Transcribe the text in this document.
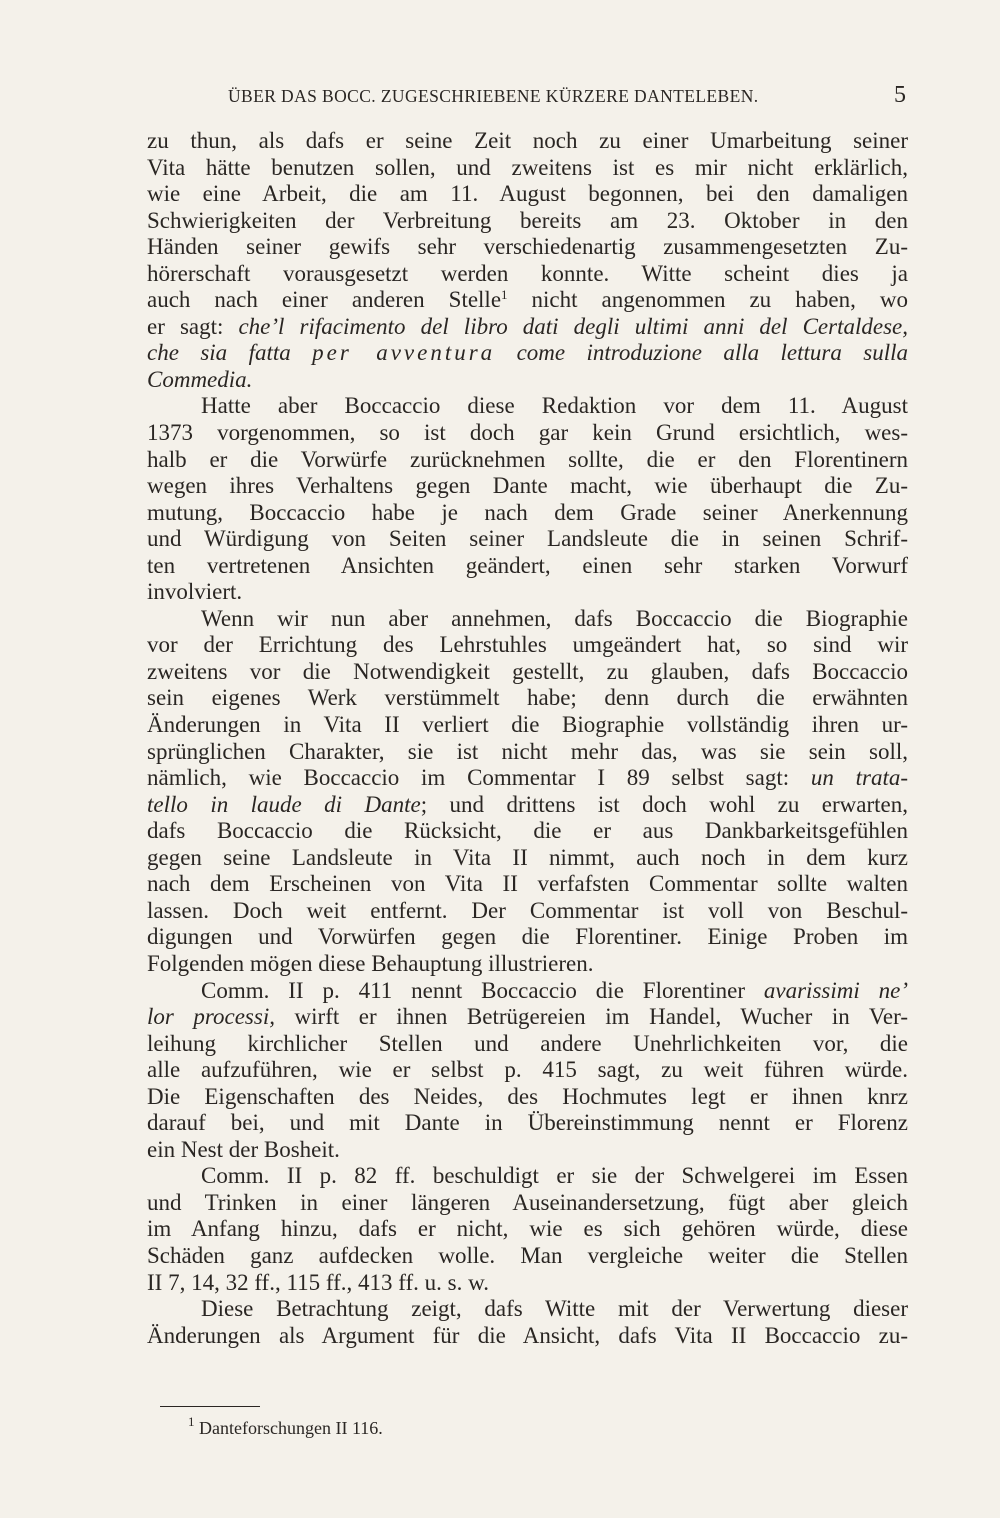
ÜBER DAS BOCC. ZUGESCHRIEBENE KÜRZERE DANTELEBEN.	5
zu thun, als dafs er seine Zeit noch zu einer Umarbeitung seiner
Vita hätte benutzen sollen, und zweitens ist es mir nicht erklärlich,
wie eine Arbeit, die am 11. August begonnen, bei den damaligen
Schwierigkeiten der Verbreitung bereits am 23. Oktober in den
Händen seiner gewifs sehr verschiedenartig zusammengesetzten Zu-
hörerschaft vorausgesetzt werden konnte. Witte scheint dies ja
auch nach einer anderen Stelle$^1$ nicht angenommen zu haben, wo
er sagt: che’l rifacimento del libro dati degli ultimi anni del Certaldese,
che sia fatta per avventura come introduzione alla lettura sulla
Commedia.
Hatte aber Boccaccio diese Redaktion vor dem 11. August
1373 vorgenommen, so ist doch gar kein Grund ersichtlich, wes-
halb er die Vorwürfe zurücknehmen sollte, die er den Florentinern
wegen ihres Verhaltens gegen Dante macht, wie überhaupt die Zu-
mutung, Boccaccio habe je nach dem Grade seiner Anerkennung
und Würdigung von Seiten seiner Landsleute die in seinen Schrif-
ten vertretenen Ansichten geändert, einen sehr starken Vorwurf
involviert.
Wenn wir nun aber annehmen, dafs Boccaccio die Biographie
vor der Errichtung des Lehrstuhles umgeändert hat, so sind wir
zweitens vor die Notwendigkeit gestellt, zu glauben, dafs Boccaccio
sein eigenes Werk verstümmelt habe; denn durch die erwähnten
Änderungen in Vita II verliert die Biographie vollständig ihren ur-
sprünglichen Charakter, sie ist nicht mehr das, was sie sein soll,
nämlich, wie Boccaccio im Commentar I 89 selbst sagt: un trata-
tello in laude di Dante; und drittens ist doch wohl zu erwarten,
dafs Boccaccio die Rücksicht, die er aus Dankbarkeitsgefühlen
gegen seine Landsleute in Vita II nimmt, auch noch in dem kurz
nach dem Erscheinen von Vita II verfafsten Commentar sollte walten
lassen. Doch weit entfernt. Der Commentar ist voll von Beschul-
digungen und Vorwürfen gegen die Florentiner. Einige Proben im
Folgenden mögen diese Behauptung illustrieren.
Comm. II p. 411 nennt Boccaccio die Florentiner avarissimi ne’
lor processi, wirft er ihnen Betrügereien im Handel, Wucher in Ver-
leihung kirchlicher Stellen und andere Unehrlichkeiten vor, die
alle aufzuführen, wie er selbst p. 415 sagt, zu weit führen würde.
Die Eigenschaften des Neides, des Hochmutes legt er ihnen knrz
darauf bei, und mit Dante in Übereinstimmung nennt er Florenz
ein Nest der Bosheit.
Comm. II p. 82 ff. beschuldigt er sie der Schwelgerei im Essen
und Trinken in einer längeren Auseinandersetzung, fügt aber gleich
im Anfang hinzu, dafs er nicht, wie es sich gehören würde, diese
Schäden ganz aufdecken wolle. Man vergleiche weiter die Stellen
II 7, 14, 32 ff., 115 ff., 413 ff. u. s. w.
Diese Betrachtung zeigt, dafs Witte mit der Verwertung dieser
Änderungen als Argument für die Ansicht, dafs Vita II Boccaccio zu-
$^1$ Danteforschungen II 116.
